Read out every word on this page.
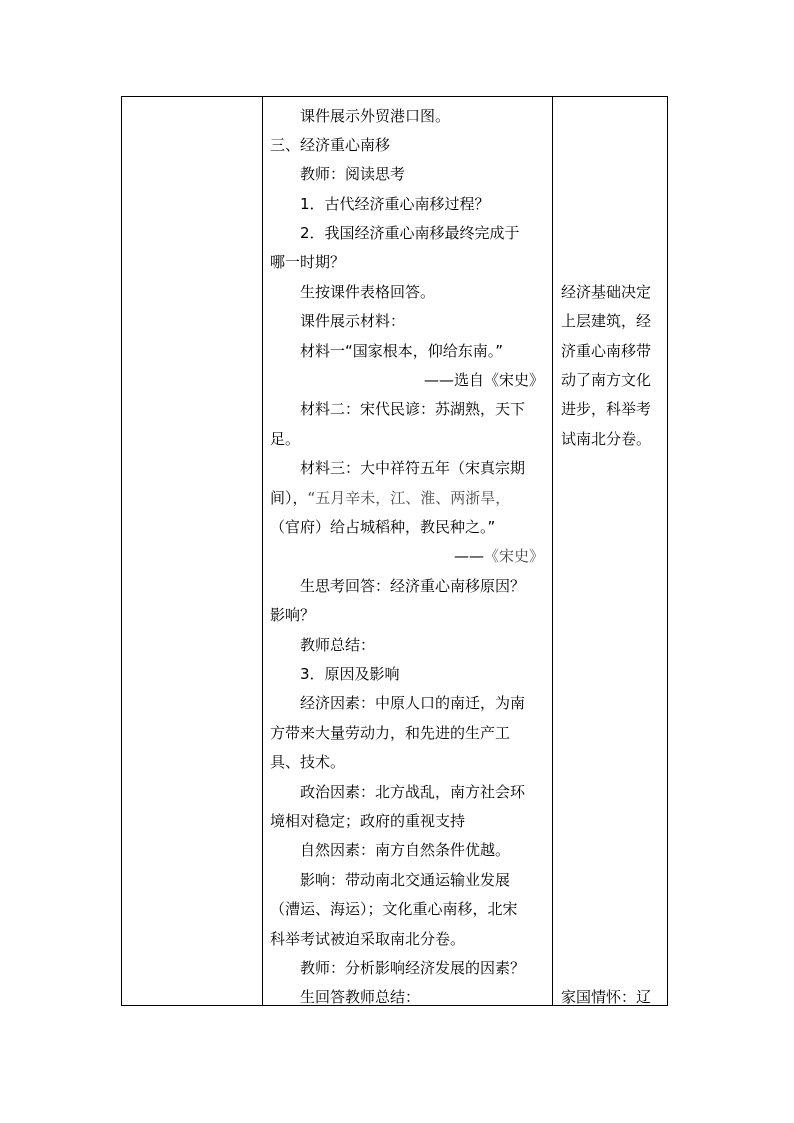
课件展示外贸港口图。
三、经济重心南移
教师：阅读思考
1．古代经济重心南移过程？
2．我国经济重心南移最终完成于
哪一时期？
生按课件表格回答。
课件展示材料：
材料一“国家根本，仰给东南。”
——选自《宋史》
材料二：宋代民谚：苏湖熟，天下
足。
材料三：大中祥符五年（宋真宗期
间），“五月辛未，江、淮、两浙旱，
（官府）给占城稻种，教民种之。”
——《宋史》
生思考回答：经济重心南移原因？
影响？
教师总结：
3．原因及影响
经济因素：中原人口的南迁，为南
方带来大量劳动力，和先进的生产工
具、技术。
政治因素：北方战乱，南方社会环
境相对稳定；政府的重视支持
自然因素：南方自然条件优越。
影响：带动南北交通运输业发展
（漕运、海运）；文化重心南移，北宋
科举考试被迫采取南北分卷。
教师：分析影响经济发展的因素？
生回答教师总结：
经济基础决定
上层建筑，经
济重心南移带
动了南方文化
进步，科举考
试南北分卷。
家国情怀：辽
